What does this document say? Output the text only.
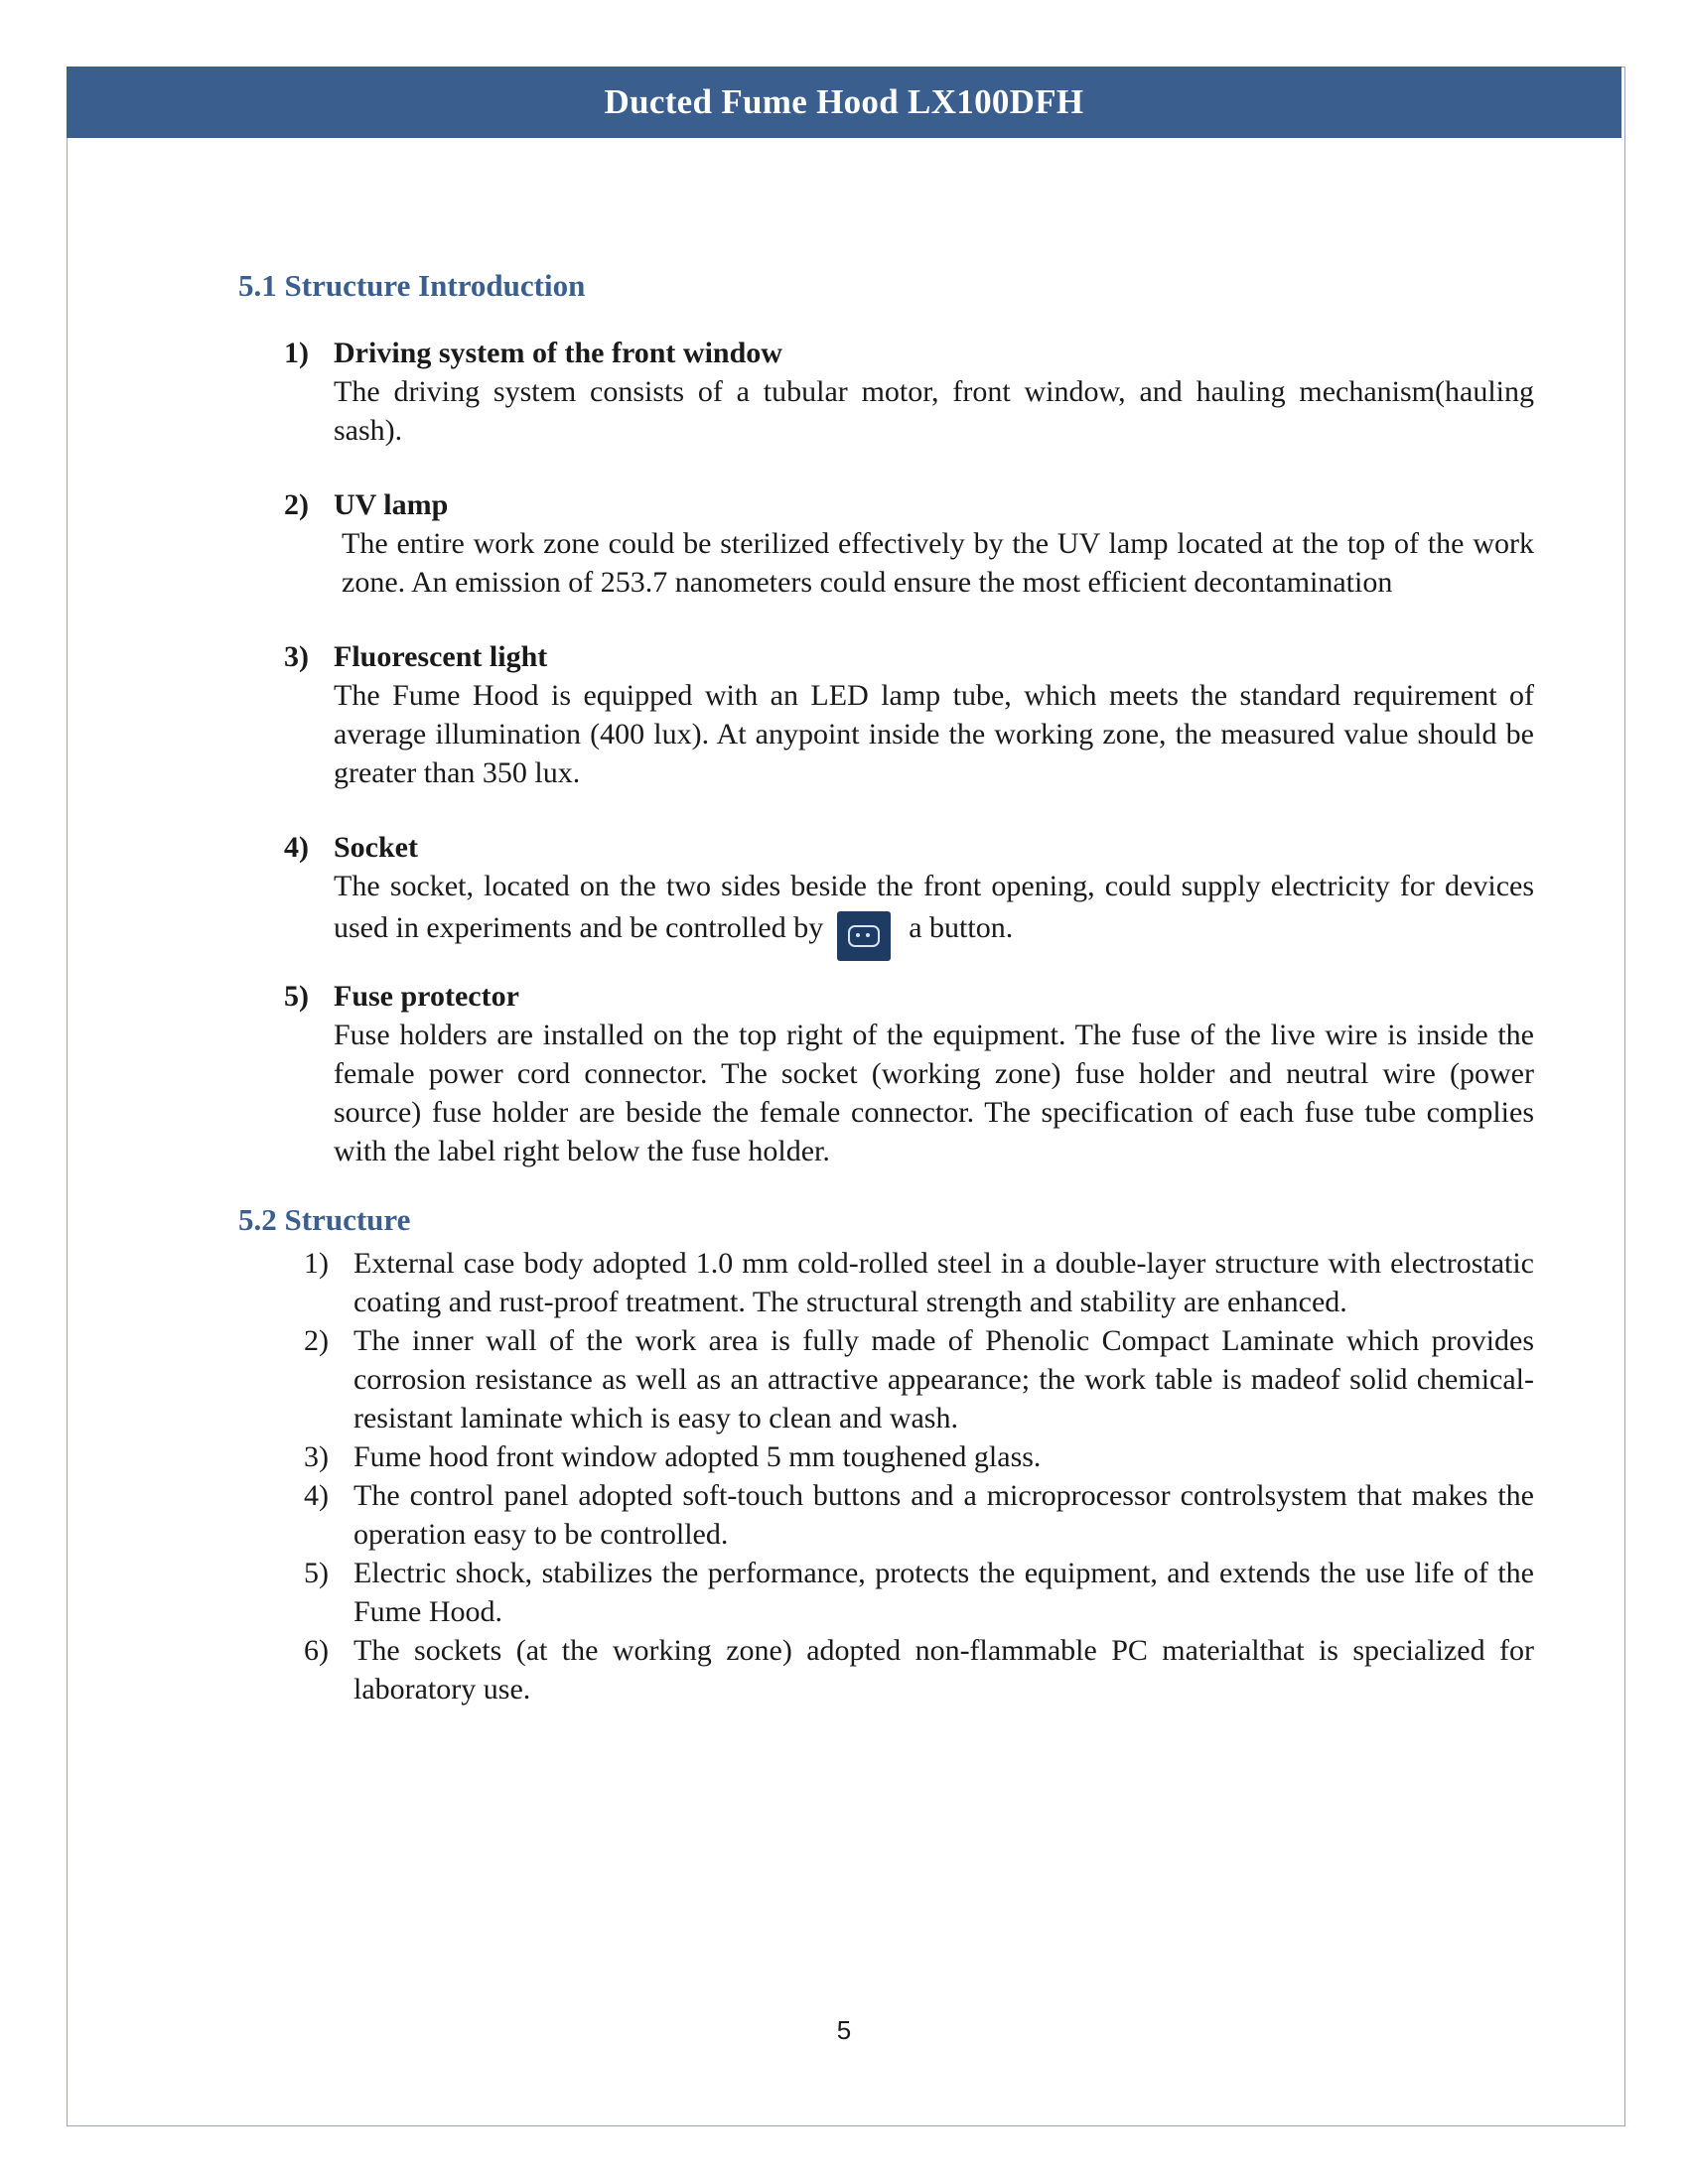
Ducted Fume Hood LX100DFH
5.1 Structure Introduction
1) Driving system of the front window

The driving system consists of a tubular motor, front window, and hauling mechanism(hauling sash).

2) UV lamp

The entire work zone could be sterilized effectively by the UV lamp located at the top of the work zone. An emission of 253.7 nanometers could ensure the most efficient decontamination

3) Fluorescent light

The Fume Hood is equipped with an LED lamp tube, which meets the standard requirement of average illumination (400 lux). At anypoint inside the working zone, the measured value should be greater than 350 lux.

4) Socket

The socket, located on the two sides beside the front opening, could supply electricity for devices used in experiments and be controlled by	a button.

5) Fuse protector

Fuse holders are installed on the top right of the equipment. The fuse of the live wire is inside the female power cord connector. The socket (working zone) fuse holder and neutral wire (power source) fuse holder are beside the female connector. The specification of each fuse tube complies with the label right below the fuse holder.

5.2 Structure
1) External case body adopted 1.0 mm cold-rolled steel in a double-layer structure with electrostatic coating and rust-proof treatment. The structural strength and stability are enhanced.
2) The inner wall of the work area is fully made of Phenolic Compact Laminate which provides corrosion resistance as well as an attractive appearance; the work table is madeof solid chemical-resistant laminate which is easy to clean and wash.
3) Fume hood front window adopted 5 mm toughened glass.
4) The control panel adopted soft-touch buttons and a microprocessor controlsystem that makes the operation easy to be controlled.
5) Electric shock, stabilizes the performance, protects the equipment, and extends the use life of the Fume Hood.
6) The sockets (at the working zone) adopted non-flammable PC materialthat is specialized for laboratory use.
5
